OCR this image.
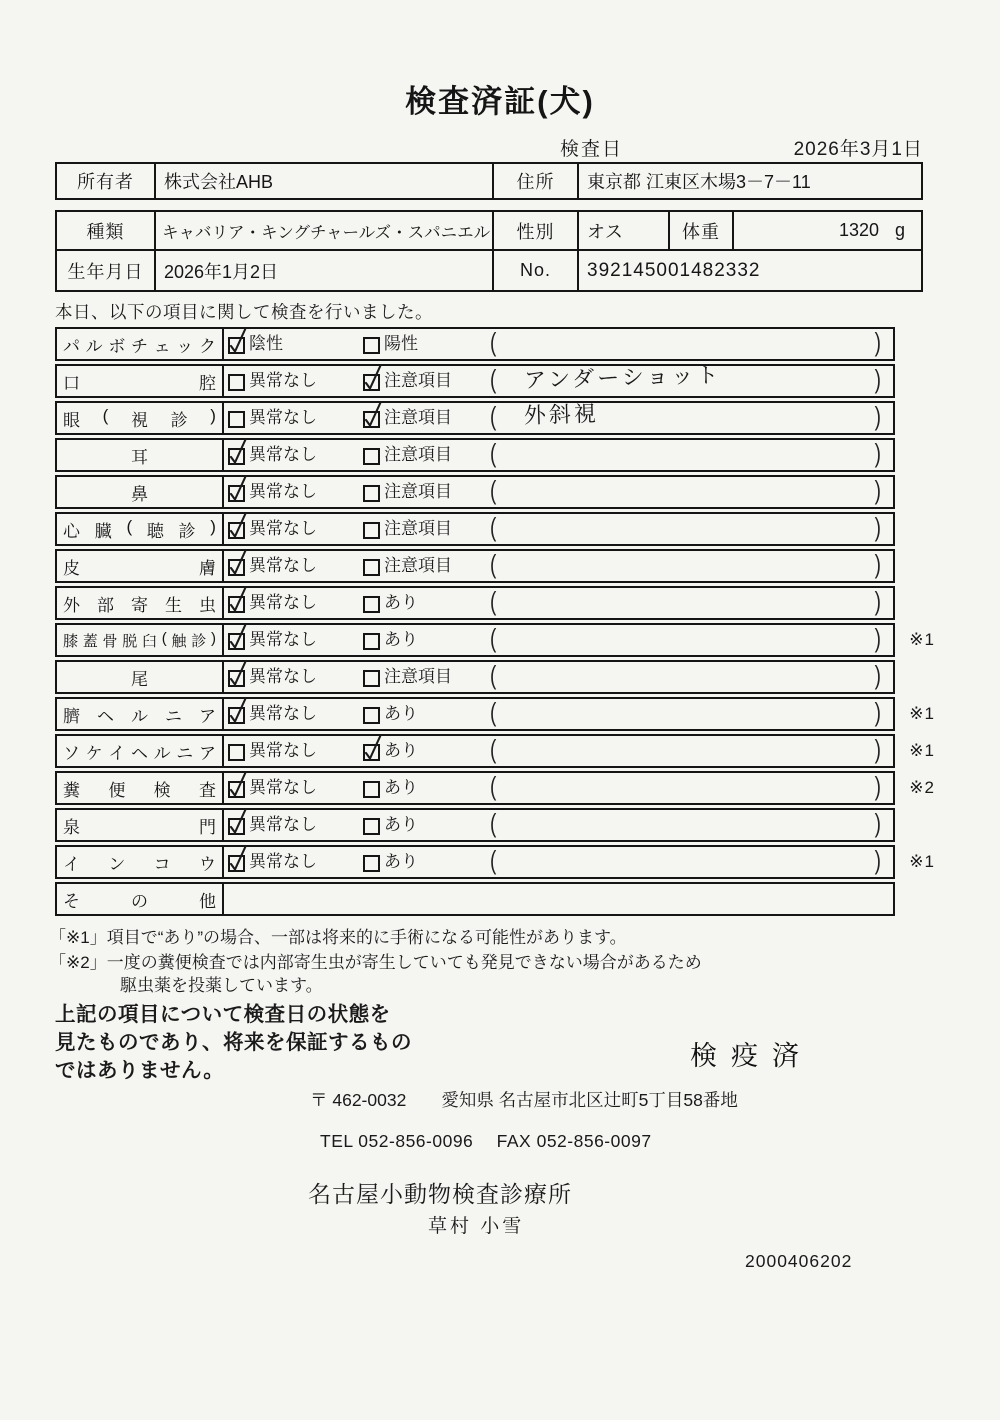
検査済証(犬)
検査日	2026年3月1日
所有者	株式会社AHB	住所	東京都 江東区木場3－7－11
種類	キャバリア・キングチャールズ・スパニエル	性別	オス	体重	1320 g
生年月日	2026年1月2日	No.	392145001482332
本日、以下の項目に関して検査を行いました。
パ ル ボ チ ェ ッ ク 陰性	陽性	(	)
口	腔 異常なし	注意項目 ( アンダーショット	)
眼 ( 視 診 ) 異常なし	注意項目 ( 外斜視	)
耳	異常なし	注意項目 (	)
鼻	異常なし	注意項目 (	)
心 臓 ( 聴 診 ) 異常なし	注意項目 (	)
皮	膚 異常なし	注意項目 (	)
外 部 寄 生 虫 異常なし	あり	(	)
膝 蓋 骨 脱 臼 ( 触 診 ) 異常なし	あり	(	) ※1
尾	異常なし	注意項目 (	)
臍 ヘ ル ニ ア 異常なし	あり	(	) ※1
ソ ケ イ ヘ ル ニ ア 異常なし	あり	(	) ※1
糞 便 検 査 異常なし	あり	(	) ※2
泉	門 異常なし	あり	(	)
イ ン コ ウ 異常なし	あり	(	) ※1
そ	の	他
「※1」項目で“あり”の場合、一部は将来的に手術になる可能性があります。
「※2」一度の糞便検査では内部寄生虫が寄生していても発見できない場合があるため
駆虫薬を投薬しています。
上記の項目について検査日の状態を
見たものであり、将来を保証するもの
ではありません。	検疫済
〒 462-0032　　愛知県 名古屋市北区辻町5丁目58番地
TEL 052-856-0096　 FAX 052-856-0097
名古屋小動物検査診療所
草村 小雪
2000406202
